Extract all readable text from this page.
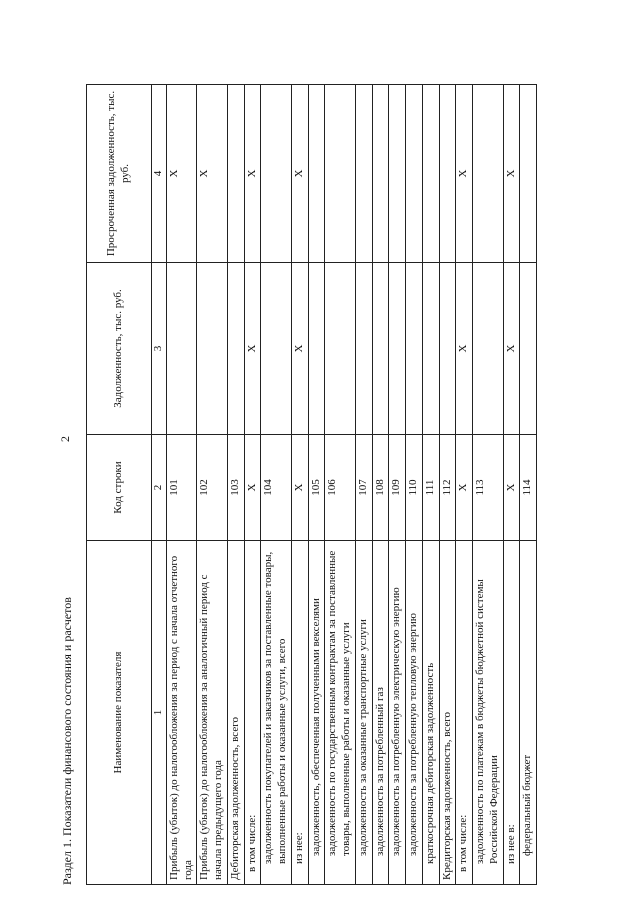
2
Раздел 1. Показатели финансового состояния и расчетов	Наименование показателя	Код строки	Задолженность, тыс. руб.	Просроченная задолженность, тыс. руб.
1	2	3	4
Прибыль (убыток) до налогообложения за период с начала отчетного года	101		X
Прибыль (убыток) до налогообложения за аналогичный период с начала предыдущего года	102		X
Дебиторская задолженность, всего	103		
в том числе:	X	X	X
задолженность покупателей и заказчиков за поставленные товары, выполненные работы и оказанные услуги, всего	104		
из нее:	X	X	X
задолженность, обеспеченная полученными векселями	105		
задолженность по государственным контрактам за поставленные товары, выполненные работы и оказанные услуги	106		
задолженность за оказанные транспортные услуги	107		
задолженность за потребленный газ	108		
задолженность за потребленную электрическую энергию	109		
задолженность за потребленную тепловую энергию	110		
краткосрочная дебиторская задолженность	111		
Кредиторская задолженность, всего	112		
в том числе:	X	X	X
задолженность по платежам в бюджеты бюджетной системы Российской Федерации	113		
из нее в:	X	X	X
федеральный бюджет	114		
